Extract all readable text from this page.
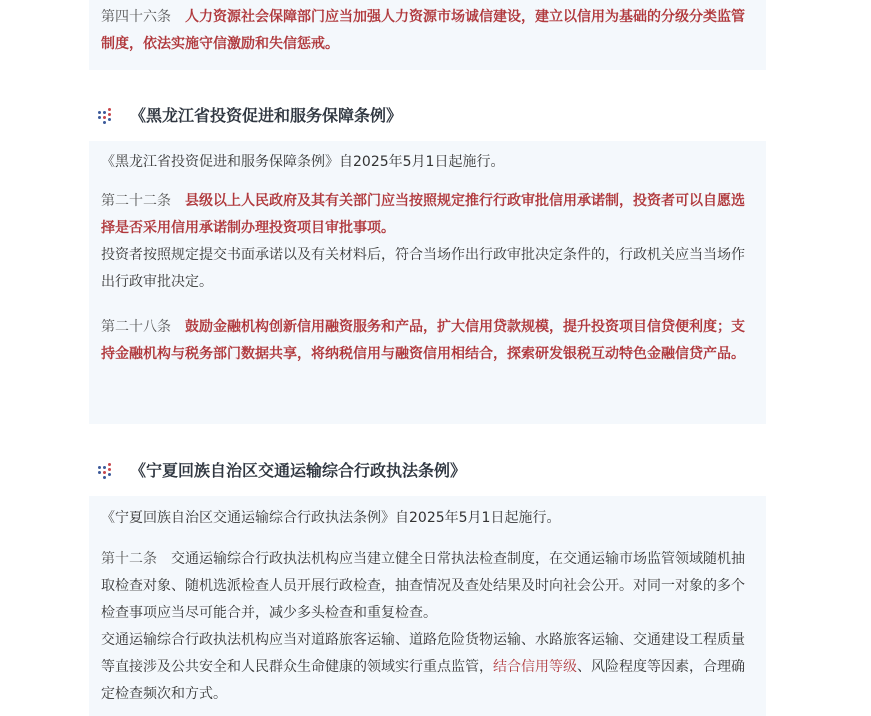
第四十六条 人力资源社会保障部门应当加强人力资源市场诚信建设，建立以信用为基础的分级分类监管制度，依法实施守信激励和失信惩戒。

《黑龙江省投资促进和服务保障条例》

《黑龙江省投资促进和服务保障条例》自2025年5月1日起施行。

第二十二条 县级以上人民政府及其有关部门应当按照规定推行行政审批信用承诺制，投资者可以自愿选择是否采用信用承诺制办理投资项目审批事项。

投资者按照规定提交书面承诺以及有关材料后，符合当场作出行政审批决定条件的，行政机关应当当场作出行政审批决定。

第二十八条 鼓励金融机构创新信用融资服务和产品，扩大信用贷款规模，提升投资项目信贷便利度；支持金融机构与税务部门数据共享，将纳税信用与融资信用相结合，探索研发银税互动特色金融信贷产品。

《宁夏回族自治区交通运输综合行政执法条例》

《宁夏回族自治区交通运输综合行政执法条例》自2025年5月1日起施行。

第十二条 交通运输综合行政执法机构应当建立健全日常执法检查制度，在交通运输市场监管领域随机抽取检查对象、随机选派检查人员开展行政检查，抽查情况及查处结果及时向社会公开。对同一对象的多个检查事项应当尽可能合并，减少多头检查和重复检查。

交通运输综合行政执法机构应当对道路旅客运输、道路危险货物运输、水路旅客运输、交通建设工程质量等直接涉及公共安全和人民群众生命健康的领域实行重点监管，结合信用等级、风险程度等因素，合理确定检查频次和方式。
